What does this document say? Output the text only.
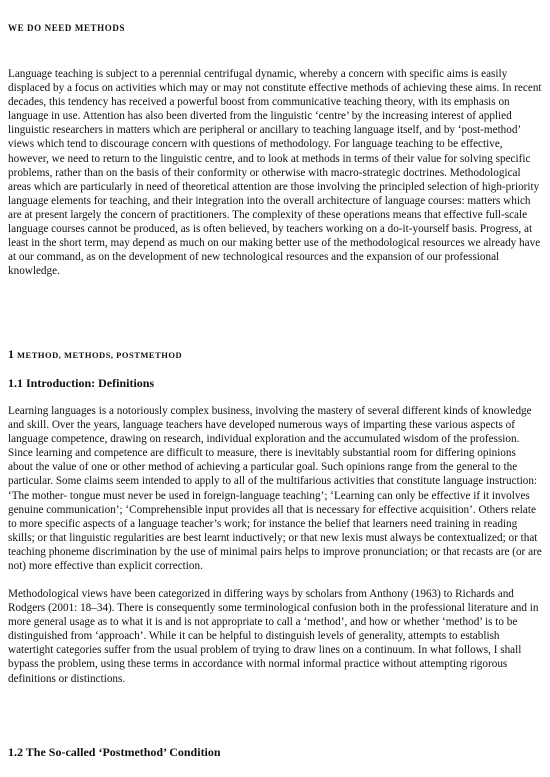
WE DO NEED METHODS

Language teaching is subject to a perennial centrifugal dynamic, whereby a concern with specific aims is easily displaced by a focus on activities which may or may not constitute effective methods of achieving these aims. In recent decades, this tendency has received a powerful boost from communicative teaching theory, with its emphasis on language in use. Attention has also been diverted from the linguistic ‘centre’ by the increasing interest of applied linguistic researchers in matters which are peripheral or ancillary to teaching language itself, and by ‘post-method’ views which tend to discourage concern with questions of methodology. For language teaching to be effective, however, we need to return to the linguistic centre, and to look at methods in terms of their value for solving specific problems, rather than on the basis of their conformity or otherwise with macro-strategic doctrines. Methodological areas which are particularly in need of theoretical attention are those involving the principled selection of high-priority language elements for teaching, and their integration into the overall architecture of language courses: matters which are at present largely the concern of practitioners. The complexity of these operations means that effective full-scale language courses cannot be produced, as is often believed, by teachers working on a do-it-yourself basis. Progress, at least in the short term, may depend as much on our making better use of the methodological resources we already have at our command, as on the development of new technological resources and the expansion of our professional knowledge.

1 METHOD, METHODS, POSTMETHOD
1.1 Introduction: Definitions

Learning languages is a notoriously complex business, involving the mastery of several different kinds of knowledge and skill. Over the years, language teachers have developed numerous ways of imparting these various aspects of language competence, drawing on research, individual exploration and the accumulated wisdom of the profession. Since learning and competence are difficult to measure, there is inevitably substantial room for differing opinions about the value of one or other method of achieving a particular goal. Such opinions range from the general to the particular. Some claims seem intended to apply to all of the multifarious activities that constitute language instruction: ‘The mother- tongue must never be used in foreign-language teaching’; ‘Learning can only be effective if it involves genuine communication’; ‘Comprehensible input provides all that is necessary for effective acquisition’. Others relate to more specific aspects of a language teacher’s work; for instance the belief that learners need training in reading skills; or that linguistic regularities are best learnt inductively; or that new lexis must always be contextualized; or that teaching phoneme discrimination by the use of minimal pairs helps to improve pronunciation; or that recasts are (or are not) more effective than explicit correction.

Methodological views have been categorized in differing ways by scholars from Anthony (1963) to Richards and Rodgers (2001: 18–34). There is consequently some terminological confusion both in the professional literature and in more general usage as to what it is and is not appropriate to call a ‘method’, and how or whether ‘method’ is to be distinguished from ‘approach’. While it can be helpful to distinguish levels of generality, attempts to establish watertight categories suffer from the usual problem of trying to draw lines on a continuum. In what follows, I shall bypass the problem, using these terms in accordance with normal informal practice without attempting rigorous definitions or distinctions.

1.2 The So-called ‘Postmethod’ Condition
